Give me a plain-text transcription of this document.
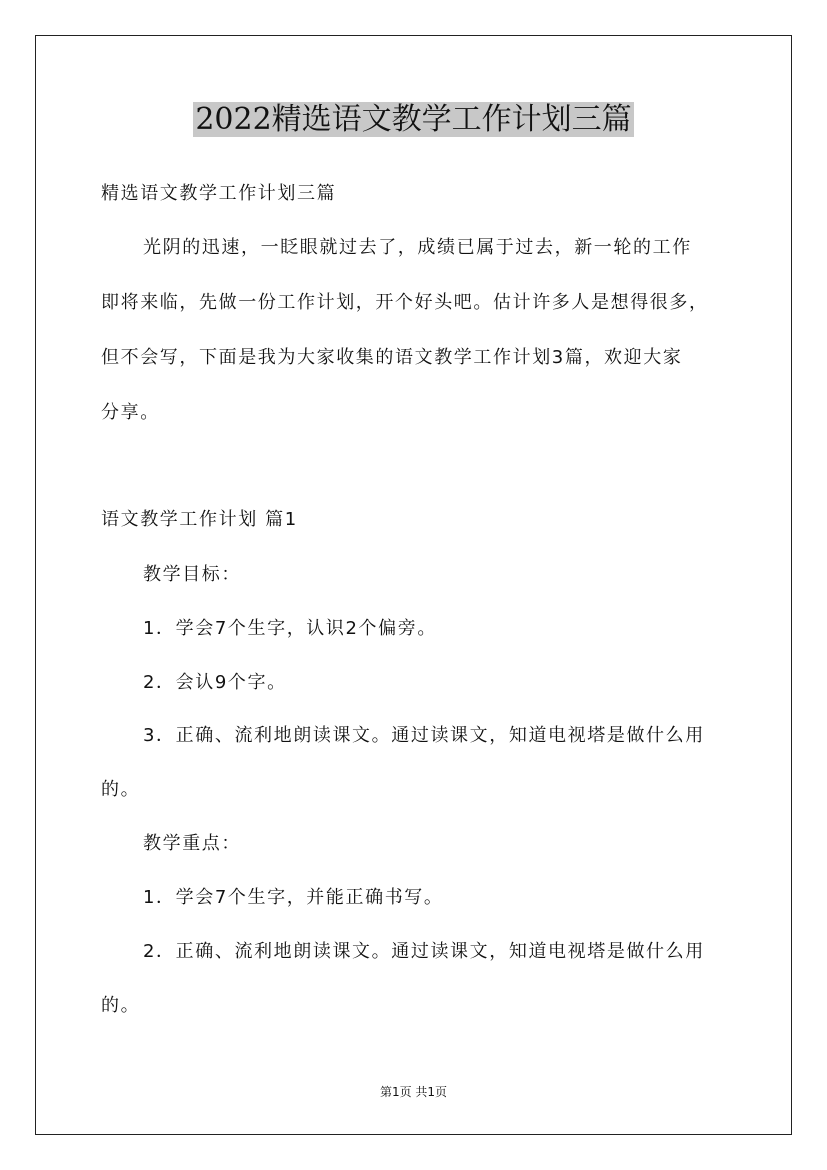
2022精选语文教学工作计划三篇
精选语文教学工作计划三篇
光阴的迅速，一眨眼就过去了，成绩已属于过去，新一轮的工作
即将来临，先做一份工作计划，开个好头吧。估计许多人是想得很多，
但不会写，下面是我为大家收集的语文教学工作计划3篇，欢迎大家
分享。
语文教学工作计划 篇1
教学目标：
1．学会7个生字，认识2个偏旁。
2．会认9个字。
3．正确、流利地朗读课文。通过读课文，知道电视塔是做什么用
的。
教学重点：
1．学会7个生字，并能正确书写。
2．正确、流利地朗读课文。通过读课文，知道电视塔是做什么用
的。
第1页 共1页
